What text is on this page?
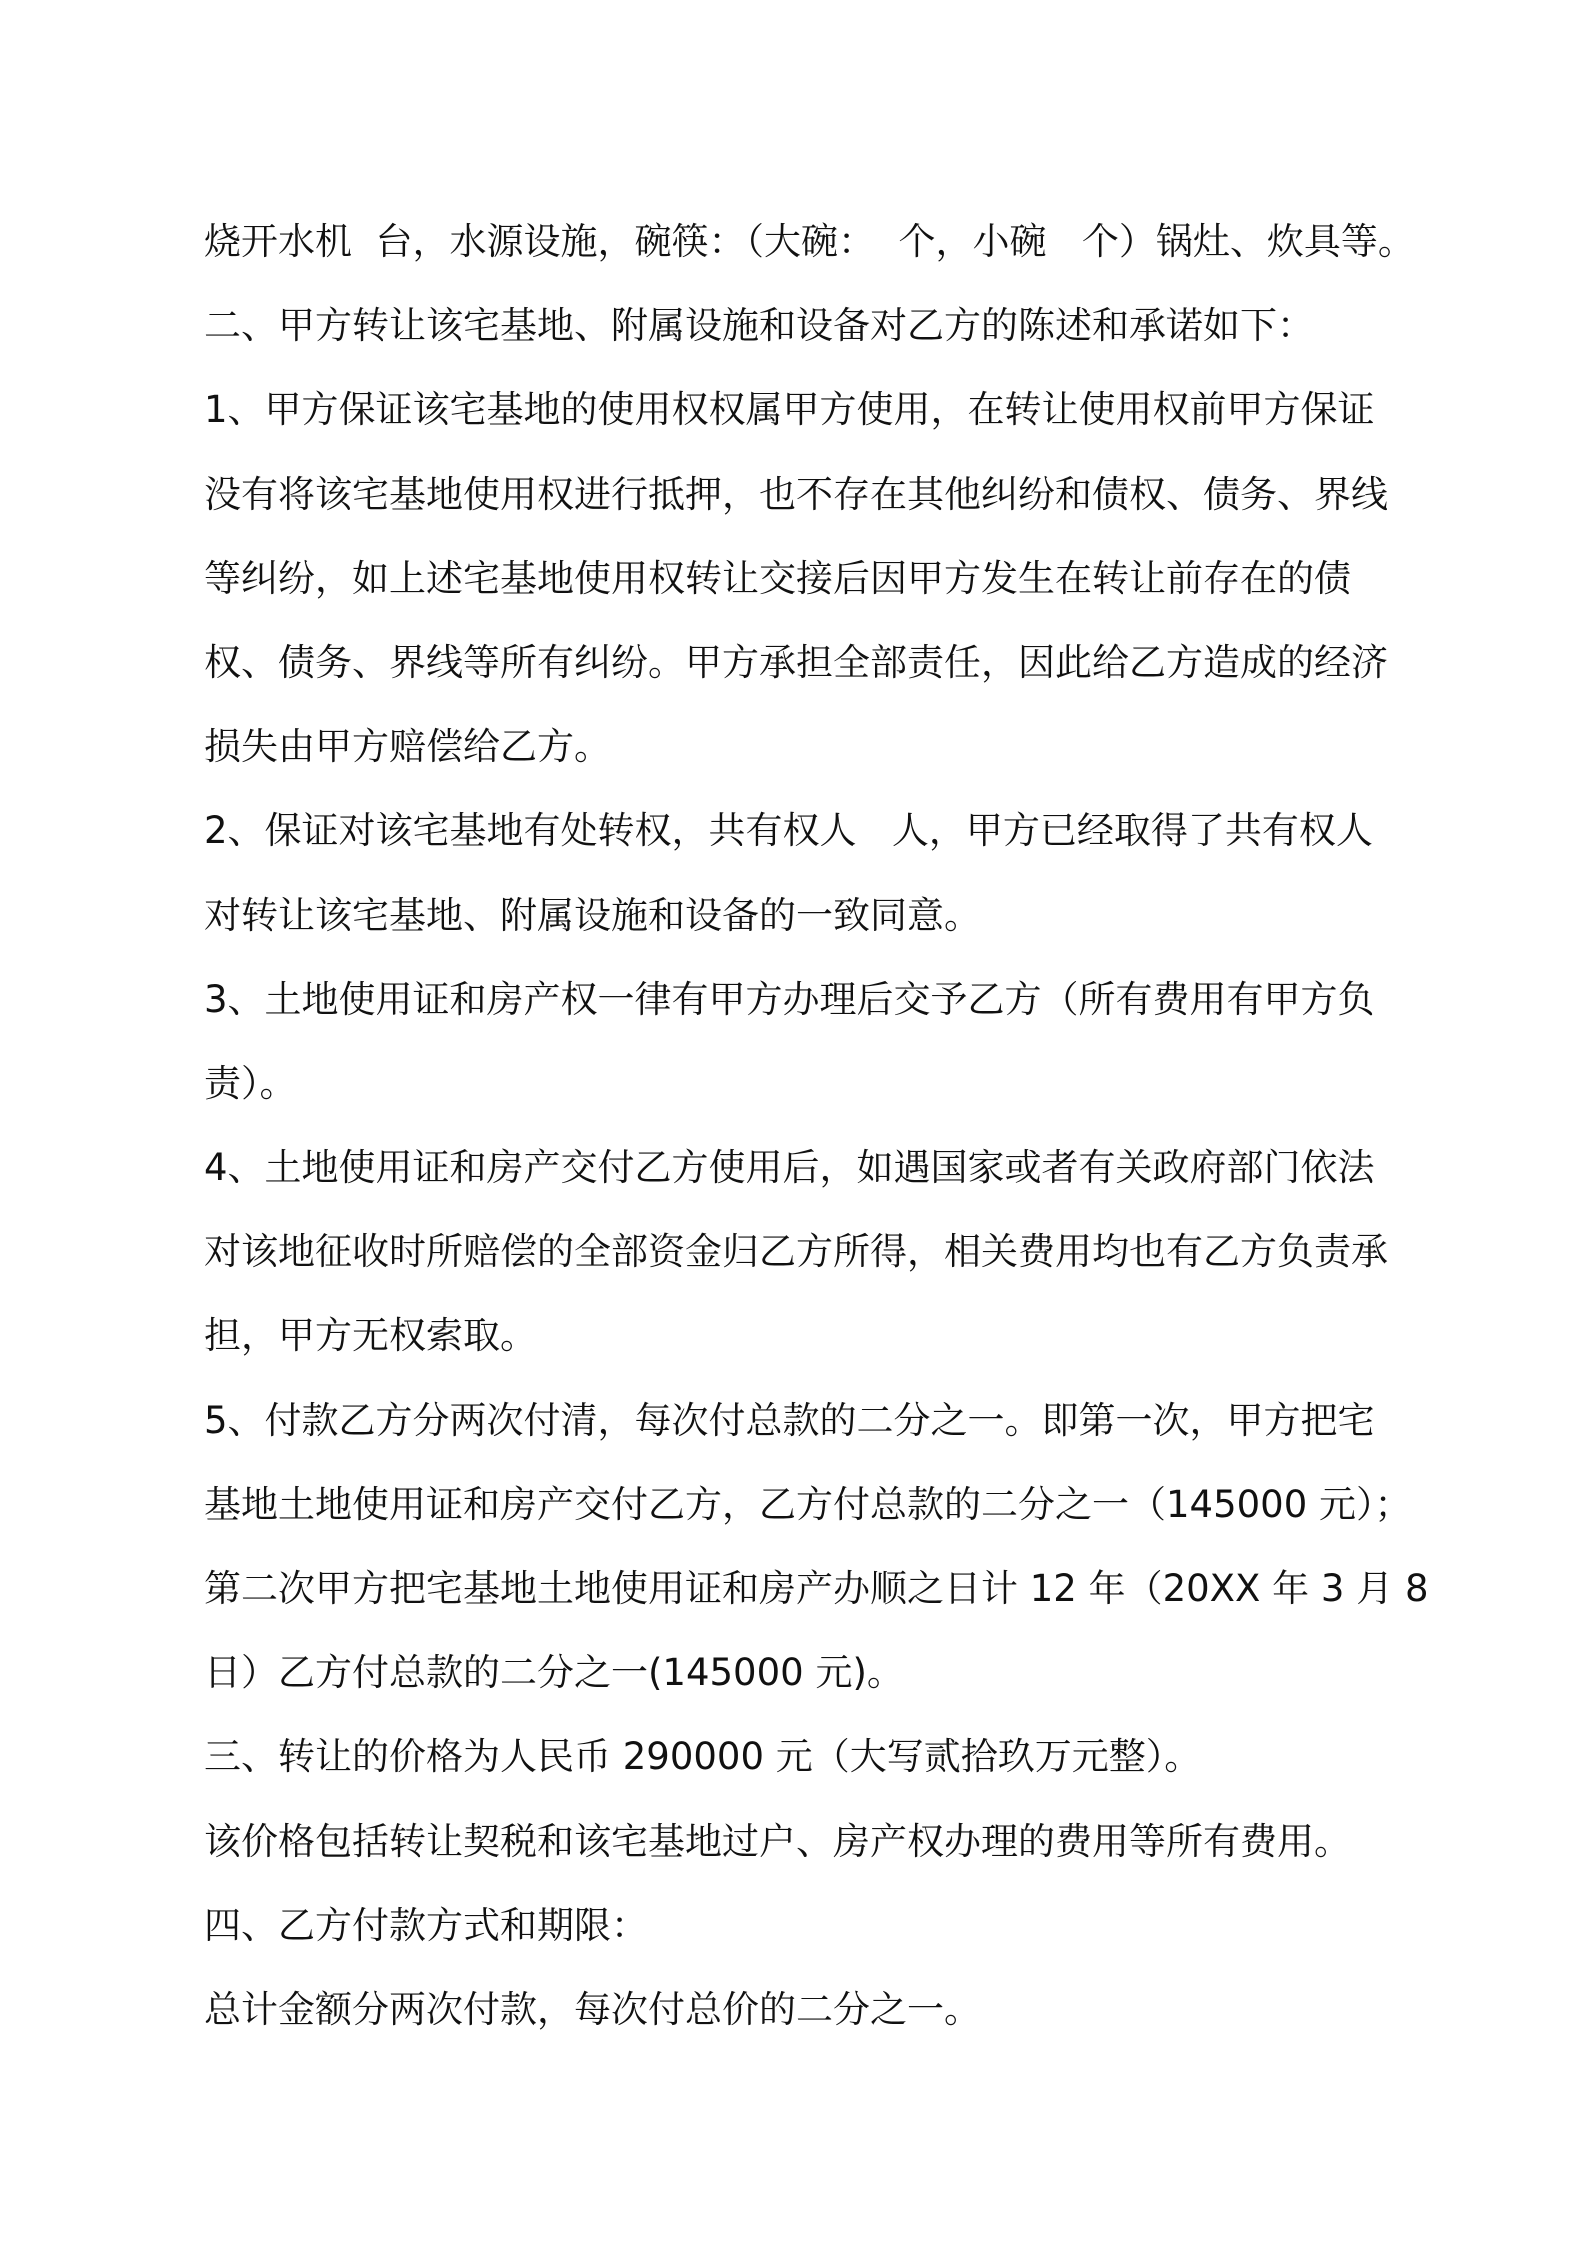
烧开水机  台，水源设施，碗筷：（大碗：  个，小碗   个）锅灶、炊具等。
二、甲方转让该宅基地、附属设施和设备对乙方的陈述和承诺如下：
1、甲方保证该宅基地的使用权权属甲方使用，在转让使用权前甲方保证
没有将该宅基地使用权进行抵押，也不存在其他纠纷和债权、债务、界线
等纠纷，如上述宅基地使用权转让交接后因甲方发生在转让前存在的债
权、债务、界线等所有纠纷。甲方承担全部责任，因此给乙方造成的经济
损失由甲方赔偿给乙方。
2、保证对该宅基地有处转权，共有权人   人，甲方已经取得了共有权人
对转让该宅基地、附属设施和设备的一致同意。
3、土地使用证和房产权一律有甲方办理后交予乙方（所有费用有甲方负
责）。
4、土地使用证和房产交付乙方使用后，如遇国家或者有关政府部门依法
对该地征收时所赔偿的全部资金归乙方所得，相关费用均也有乙方负责承
担，甲方无权索取。
5、付款乙方分两次付清，每次付总款的二分之一。即第一次，甲方把宅
基地土地使用证和房产交付乙方，乙方付总款的二分之一（145000 元）；
第二次甲方把宅基地土地使用证和房产办顺之日计 12 年（20XX 年 3 月 8
日）乙方付总款的二分之一(145000 元)。
三、转让的价格为人民币 290000 元（大写贰拾玖万元整）。
该价格包括转让契税和该宅基地过户、房产权办理的费用等所有费用。
四、乙方付款方式和期限：
总计金额分两次付款，每次付总价的二分之一。
